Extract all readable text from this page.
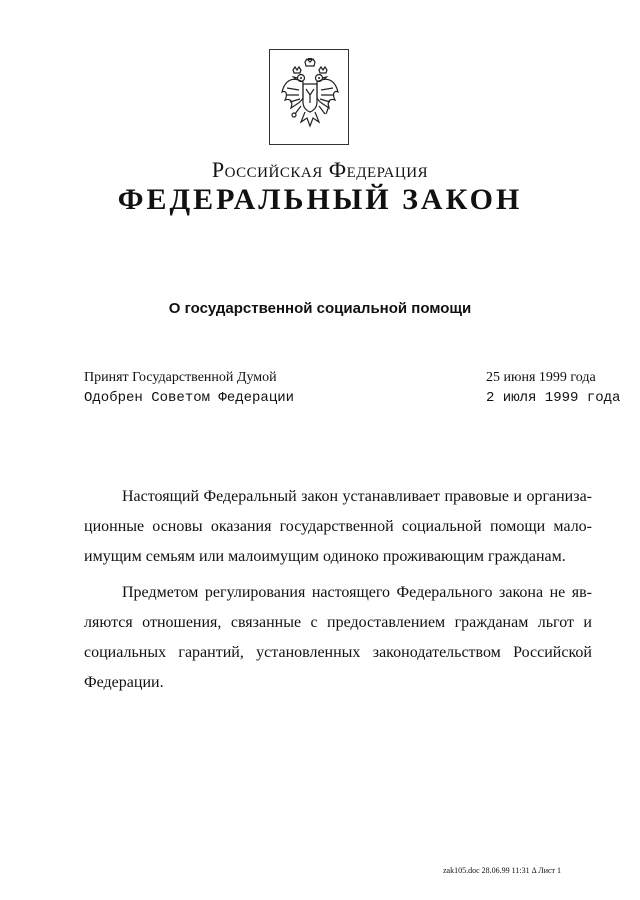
Российская Федерация
ФЕДЕРАЛЬНЫЙ ЗАКОН
О государственной социальной помощи
Принят Государственной Думой	25 июня 1999 года
Одобрен Советом Федерации	2 июля 1999 года

Настоящий Федеральный закон устанавливает правовые и организационные основы оказания государственной социальной помощи малоимущим семьям или малоимущим одиноко проживающим гражданам.

Предметом регулирования настоящего Федерального закона не являются отношения, связанные с предоставлением гражданам льгот и социальных гарантий, установленных законодательством Российской Федерации.

zak105.doc 28.06.99 11:31 Δ Лист 1
